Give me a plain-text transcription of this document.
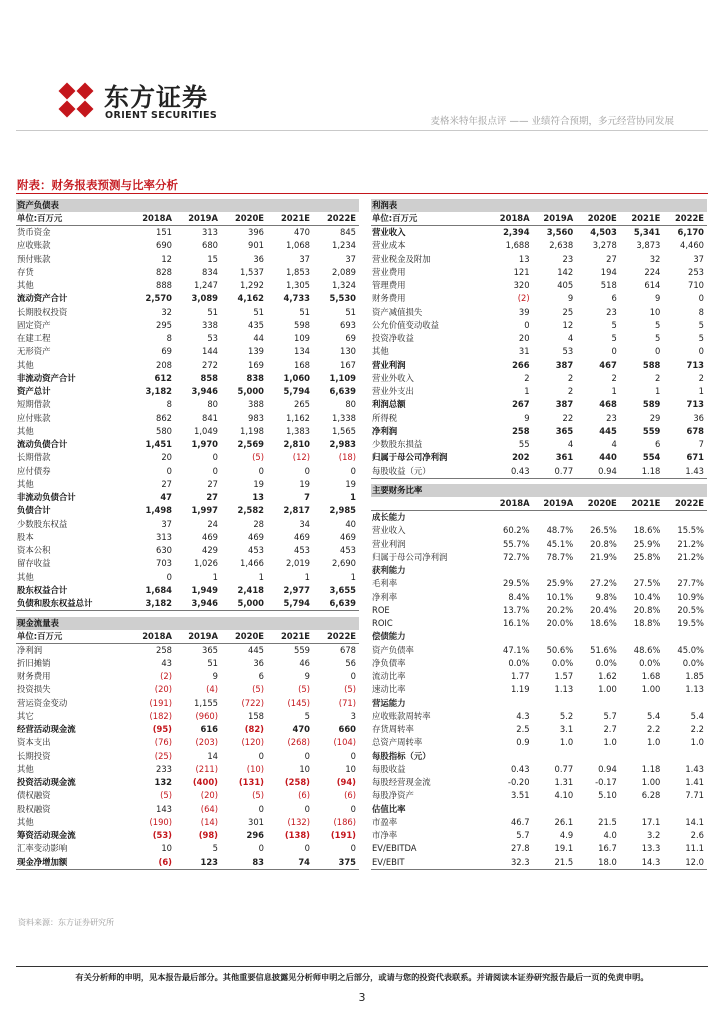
东方证券
ORIENT SECURITIES
麦格米特年报点评 —— 业绩符合预期，多元经营协同发展
附表：财务报表预测与比率分析
资产负债表					
单位:百万元	2018A	2019A	2020E	2021E	2022E
货币资金	151	313	396	470	845
应收账款	690	680	901	1,068	1,234
预付账款	12	15	36	37	37
存货	828	834	1,537	1,853	2,089
其他	888	1,247	1,292	1,305	1,324
流动资产合计	2,570	3,089	4,162	4,733	5,530
长期股权投资	32	51	51	51	51
固定资产	295	338	435	598	693
在建工程	8	53	44	109	69
无形资产	69	144	139	134	130
其他	208	272	169	168	167
非流动资产合计	612	858	838	1,060	1,109
资产总计	3,182	3,946	5,000	5,794	6,639
短期借款	8	80	388	265	80
应付账款	862	841	983	1,162	1,338
其他	580	1,049	1,198	1,383	1,565
流动负债合计	1,451	1,970	2,569	2,810	2,983
长期借款	20	0	(5)	(12)	(18)
应付债券	0	0	0	0	0
其他	27	27	19	19	19
非流动负债合计	47	27	13	7	1
负债合计	1,498	1,997	2,582	2,817	2,985
少数股东权益	37	24	28	34	40
股本	313	469	469	469	469
资本公积	630	429	453	453	453
留存收益	703	1,026	1,466	2,019	2,690
其他	0	1	1	1	1
股东权益合计	1,684	1,949	2,418	2,977	3,655
负债和股东权益总计	3,182	3,946	5,000	5,794	6,639

现金流量表					
单位:百万元	2018A	2019A	2020E	2021E	2022E
净利润	258	365	445	559	678
折旧摊销	43	51	36	46	56
财务费用	(2)	9	6	9	0
投资损失	(20)	(4)	(5)	(5)	(5)
营运资金变动	(191)	1,155	(722)	(145)	(71)
其它	(182)	(960)	158	5	3
经营活动现金流	(95)	616	(82)	470	660
资本支出	(76)	(203)	(120)	(268)	(104)
长期投资	(25)	14	0	0	0
其他	233	(211)	(10)	10	10
投资活动现金流	132	(400)	(131)	(258)	(94)
债权融资	(5)	(20)	(5)	(6)	(6)
股权融资	143	(64)	0	0	0
其他	(190)	(14)	301	(132)	(186)
筹资活动现金流	(53)	(98)	296	(138)	(191)
汇率变动影响	10	5	0	0	0
现金净增加额	(6)	123	83	74	375
利润表					
单位:百万元	2018A	2019A	2020E	2021E	2022E
营业收入	2,394	3,560	4,503	5,341	6,170
营业成本	1,688	2,638	3,278	3,873	4,460
营业税金及附加	13	23	27	32	37
营业费用	121	142	194	224	253
管理费用	320	405	518	614	710
财务费用	(2)	9	6	9	0
资产减值损失	39	25	23	10	8
公允价值变动收益	0	12	5	5	5
投资净收益	20	4	5	5	5
其他	31	53	0	0	0
营业利润	266	387	467	588	713
营业外收入	2	2	2	2	2
营业外支出	1	2	1	1	1
利润总额	267	387	468	589	713
所得税	9	22	23	29	36
净利润	258	365	445	559	678
少数股东损益	55	4	4	6	7
归属于母公司净利润	202	361	440	554	671
每股收益（元）	0.43	0.77	0.94	1.18	1.43

主要财务比率					
	2018A	2019A	2020E	2021E	2022E
成长能力					
营业收入	60.2%	48.7%	26.5%	18.6%	15.5%
营业利润	55.7%	45.1%	20.8%	25.9%	21.2%
归属于母公司净利润	72.7%	78.7%	21.9%	25.8%	21.2%
获利能力					
毛利率	29.5%	25.9%	27.2%	27.5%	27.7%
净利率	8.4%	10.1%	9.8%	10.4%	10.9%
ROE	13.7%	20.2%	20.4%	20.8%	20.5%
ROIC	16.1%	20.0%	18.6%	18.8%	19.5%
偿债能力					
资产负债率	47.1%	50.6%	51.6%	48.6%	45.0%
净负债率	0.0%	0.0%	0.0%	0.0%	0.0%
流动比率	1.77	1.57	1.62	1.68	1.85
速动比率	1.19	1.13	1.00	1.00	1.13
营运能力					
应收账款周转率	4.3	5.2	5.7	5.4	5.4
存货周转率	2.5	3.1	2.7	2.2	2.2
总资产周转率	0.9	1.0	1.0	1.0	1.0
每股指标（元）					
每股收益	0.43	0.77	0.94	1.18	1.43
每股经营现金流	-0.20	1.31	-0.17	1.00	1.41
每股净资产	3.51	4.10	5.10	6.28	7.71
估值比率					
市盈率	46.7	26.1	21.5	17.1	14.1
市净率	5.7	4.9	4.0	3.2	2.6
EV/EBITDA	27.8	19.1	16.7	13.3	11.1
EV/EBIT	32.3	21.5	18.0	14.3	12.0
资料来源：东方证券研究所
有关分析师的申明，见本报告最后部分。其他重要信息披露见分析师申明之后部分，或请与您的投资代表联系。并请阅读本证券研究报告最后一页的免责申明。
3
